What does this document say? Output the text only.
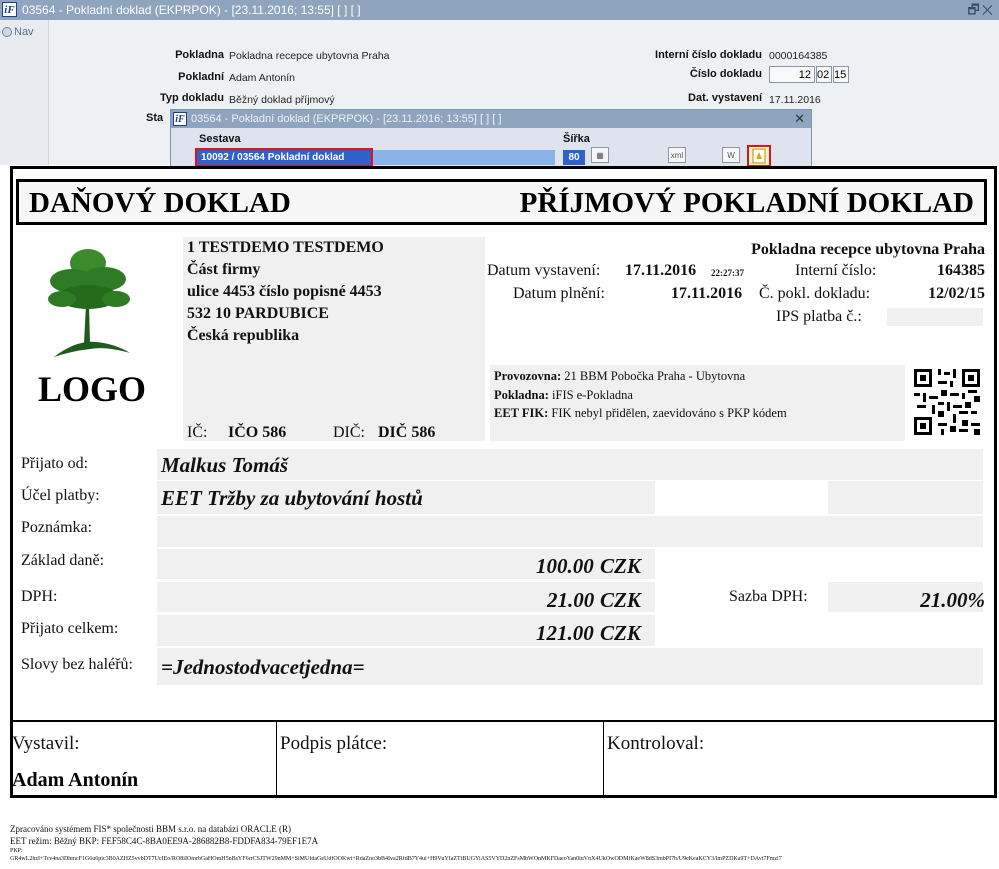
iF 03564 - Pokladní doklad (EKPRPOK) - [23.11.2016; 13:55] [ ] [ ]	🗗✕
Nav
Pokladna Pokladna recepce ubytovna Praha
Pokladní Adam Antonín
Typ dokladu Běžný doklad příjmový
Sta
Interní číslo dokladu 0000164385
Číslo dokladu	12 02 15
Dat. vystavení 17.11.2016
iF 03564 - Pokladní doklad (EKPRPOK) - [23.11.2016; 13:55] [ ] [ ]	✕
Sestava	Šířka
10092 / 03564 Pokladní doklad	80	▦	xml	W
DAŇOVÝ DOKLAD	PŘÍJMOVÝ POKLADNÍ DOKLAD
LOGO
1 TESTDEMO TESTDEMO
Část firmy
ulice 4453 číslo popisné 4453
532 10 PARDUBICE
Česká republika
IČ: IČO 586	DIČ: DIČ 586
Pokladna recepce ubytovna Praha
Datum vystavení: 17.11.2016 22:27:37	Interní číslo:	164385
Datum plnění:	17.11.2016 Č. pokl. dokladu:	12/02/15
IPS platba č.:
Provozovna: 21 BBM Pobočka Praha - Ubytovna
Pokladna: iFIS e-Pokladna
EET FIK: FIK nebyl přidělen, zaevidováno s PKP kódem
Přijato od:	Malkus Tomáš
Účel platby:	EET Tržby za ubytování hostů
Poznámka:
Základ daně:	100.00 CZK
DPH:	21.00 CZK	Sazba DPH:	21.00%
Přijato celkem:	121.00 CZK
Slovy bez haléřů: =Jednostodvacetjedna=
Vystavil:
Adam Antonín
Podpis plátce:	Kontroloval:
Zpracováno systémem FIS* společnosti BBM s.r.o. na databázi ORACLE (R)
EET režim: Běžný BKP: FEF58C4C-8BA0EE9A-286882B8-FDDFA834-79EF1E7A
PKP:
GR4wL2hzI+Tcv4na3DhmcF1G6u6pic3B0AZHZ5vvbDT7UcIEo/RO8iIOmrbGaHOmH5nBsYF6rrCSJTW29nMM+SiMUfdaGeUdfOOKwt+RdaZno3bB4Iva2RfdB7Y4ui+H9VuYIaZTtBUGYiAS5VYD2nZFsMbWOnMKFDaeoYan0iuVnX4UkOwODMfKaeW8dS3mbPI7b/U9eKeaKCY3/lmPZDKa9T+DAvt7Fmzl7
